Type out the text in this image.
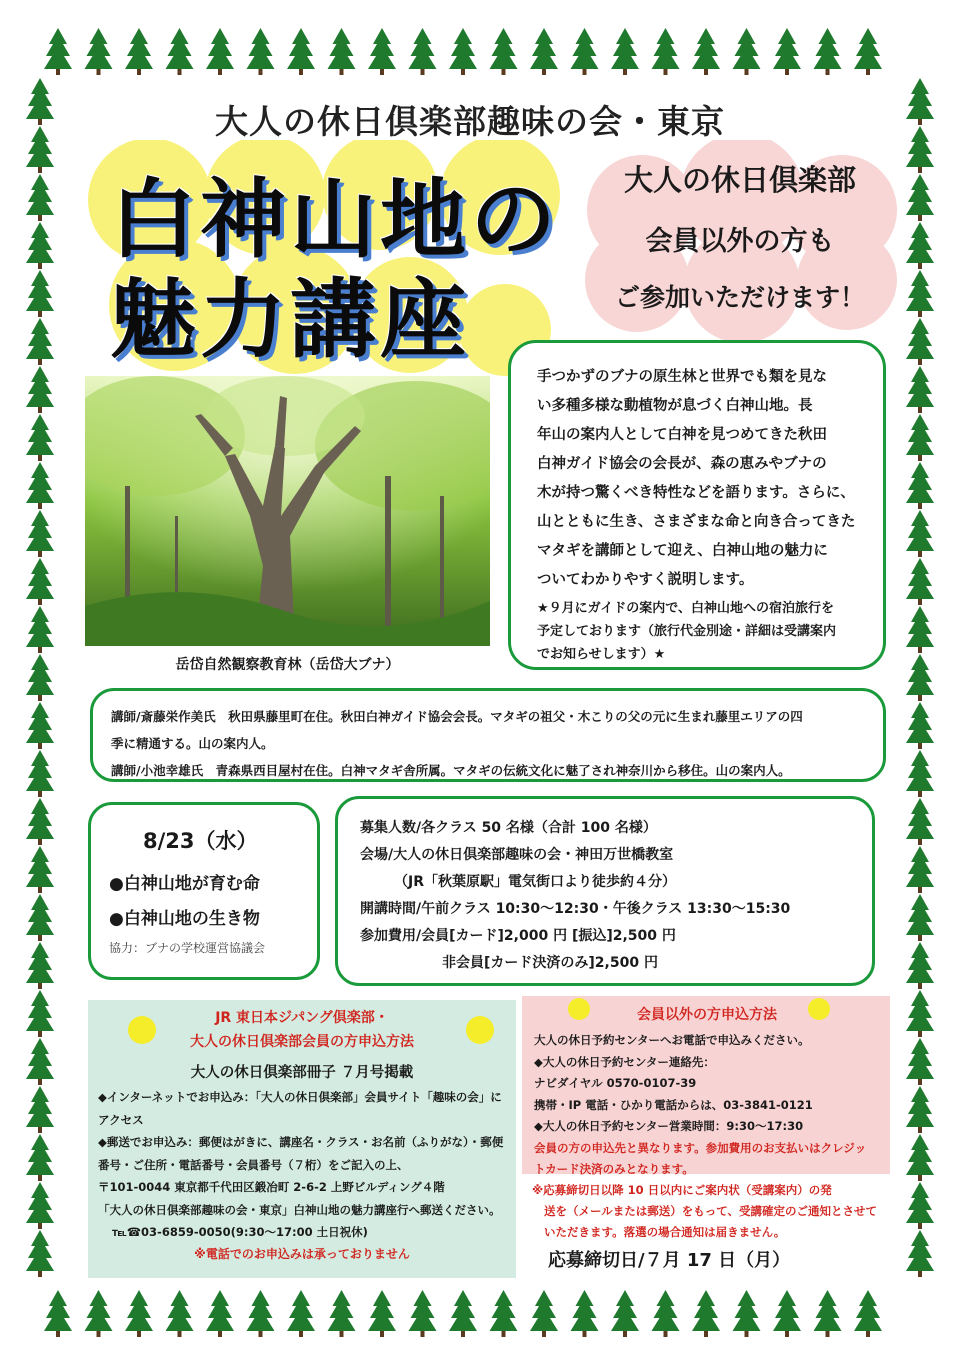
大人の休日倶楽部趣味の会・東京
白神山地の
魅力講座
大人の休日倶楽部
会員以外の方も
ご参加いただけます！
岳岱自然観察教育林（岳岱大ブナ）
手つかずのブナの原生林と世界でも類を見な
い多種多様な動植物が息づく白神山地。長
年山の案内人として白神を見つめてきた秋田
白神ガイド協会の会長が、森の恵みやブナの
木が持つ驚くべき特性などを語ります。さらに、
山とともに生き、さまざまな命と向き合ってきた
マタギを講師として迎え、白神山地の魅力に
ついてわかりやすく説明します。
★９月にガイドの案内で、白神山地への宿泊旅行を
予定しております（旅行代金別途・詳細は受講案内
でお知らせします）★
講師/斎藤栄作美氏　秋田県藤里町在住。秋田白神ガイド協会会長。マタギの祖父・木こりの父の元に生まれ藤里エリアの四
季に精通する。山の案内人。
講師/小池幸雄氏　青森県西目屋村在住。白神マタギ舎所属。マタギの伝統文化に魅了され神奈川から移住。山の案内人。
8/23（水）
●白神山地が育む命
●白神山地の生き物
協力：ブナの学校運営協議会
募集人数/各クラス 50 名様（合計 100 名様）
会場/大人の休日倶楽部趣味の会・神田万世橋教室
（JR「秋葉原駅」電気街口より徒歩約４分）
開講時間/午前クラス 10:30〜12:30・午後クラス 13:30〜15:30
参加費用/会員[カード]2,000 円 [振込]2,500 円
非会員[カード決済のみ]2,500 円
JR 東日本ジパング倶楽部・
大人の休日倶楽部会員の方申込方法
大人の休日倶楽部冊子 ７月号掲載
◆インターネットでお申込み：「大人の休日倶楽部」会員サイト「趣味の会」に
アクセス
◆郵送でお申込み：郵便はがきに、講座名・クラス・お名前（ふりがな）・郵便
番号・ご住所・電話番号・会員番号（７桁）をご記入の上、
〒101-0044 東京都千代田区鍛冶町 2-6-2 上野ビルディング４階
「大人の休日倶楽部趣味の会・東京」白神山地の魅力講座行へ郵送ください。
℡☎03-6859-0050(9:30〜17:00 土日祝休)
※電話でのお申込みは承っておりません
会員以外の方申込方法
大人の休日予約センターへお電話で申込みください。
◆大人の休日予約センター連絡先：
ナビダイヤル 0570-0107-39
携帯・IP 電話・ひかり電話からは、03-3841-0121
◆大人の休日予約センター営業時間：9:30〜17:30
会員の方の申込先と異なります。参加費用のお支払いはクレジッ
トカード決済のみとなります。
※応募締切日以降 10 日以内にご案内状（受講案内）の発
送を（メールまたは郵送）をもって、受講確定のご通知とさせて
いただきます。落選の場合通知は届きません。
応募締切日/７月 17 日（月）
